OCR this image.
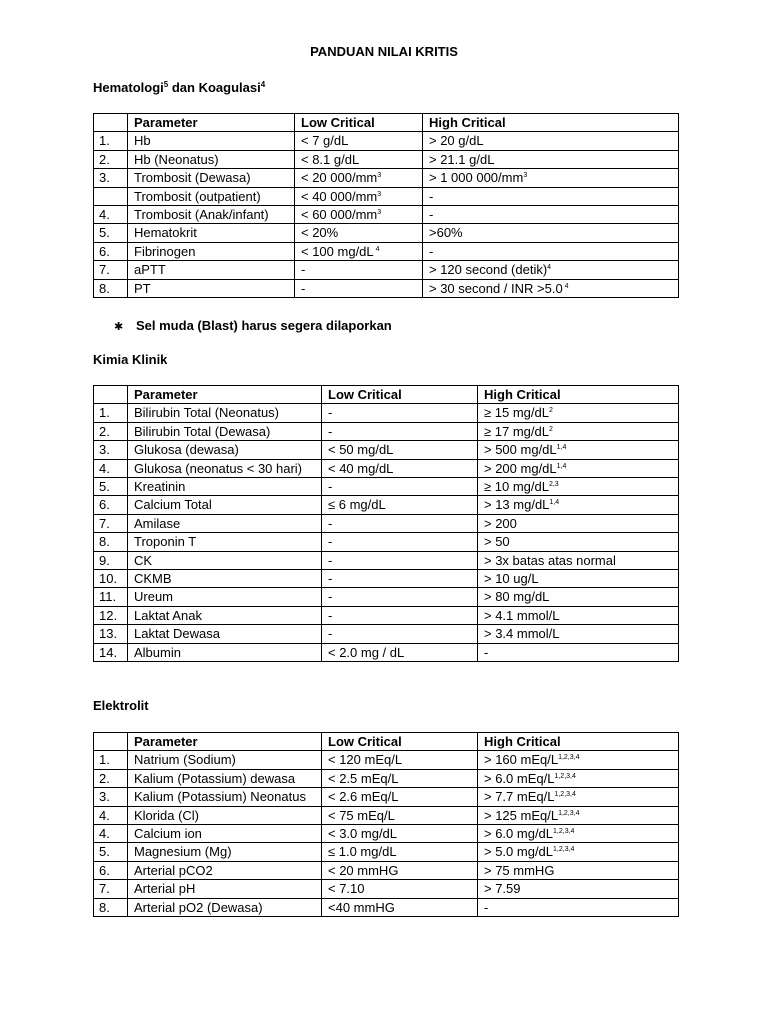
PANDUAN NILAI KRITIS
Hematologi$^5$ dan Koagulasi$^4$
	Parameter	Low Critical	High Critical
1.	Hb	< 7 g/dL	> 20 g/dL
2.	Hb (Neonatus)	< 8.1 g/dL	> 21.1 g/dL
3.	Trombosit (Dewasa)	< 20 $000/mm^3$	> 1 000 $000/mm^3$
	Trombosit (outpatient)	< 40 $000/mm^3$	-
4.	Trombosit (Anak/infant)	< 60 $000/mm^3$	-
5.	Hematokrit	< 20%	>60%
6.	Fibrinogen	< 100 mg/dL $^4$	-
7.	aPTT	-	> 120 second (detik)$^4$
8.	PT	-	> 30 second / INR >5.0 $^4$
✱ Sel muda (Blast) harus segera dilaporkan
Kimia Klinik
	Parameter	Low Critical	High Critical
1.	Bilirubin Total (Neonatus)	-	≥ 15 $mg/dL^2$
2.	Bilirubin Total (Dewasa)	-	≥ 17 $mg/dL^2$
3.	Glukosa (dewasa)	< 50 mg/dL	> 500 mg/dL$^{1,4}$
4.	Glukosa (neonatus < 30 hari)	< 40 mg/dL	> 200 mg/dL$^{1,4}$
5.	Kreatinin	-	≥ 10 mg/dL$^{2,3}$
6.	Calcium Total	≤ 6 mg/dL	> 13 mg/dL$^{1,4}$
7.	Amilase	-	> 200
8.	Troponin T	-	> 50
9.	CK	-	> 3x batas atas normal
10.	CKMB	-	> 10 ug/L
11.	Ureum	-	> 80 mg/dL
12.	Laktat Anak	-	> 4.1 mmol/L
13.	Laktat Dewasa	-	> 3.4 mmol/L
14.	Albumin	< 2.0 mg / dL	-
Elektrolit
	Parameter	Low Critical	High Critical
1.	Natrium (Sodium)	< 120 mEq/L	> 160 mEq/$L^{1,2,3,4}$
2.	Kalium (Potassium) dewasa	< 2.5 mEq/L	> 6.0 mEq/$L^{1,2,3,4}$
3.	Kalium (Potassium) Neonatus	< 2.6 mEq/L	> 7.7 mEq/$L^{1,2,3,4}$
4.	Klorida (Cl)	< 75 mEq/L	> 125 mEq/$L^{1,2,3,4}$
4.	Calcium ion	< 3.0 mg/dL	> 6.0 mg/dL$^{1,2,3,4}$
5.	Magnesium (Mg)	≤ 1.0 mg/dL	> 5.0 mg/dL$^{1,2,3,4}$
6.	Arterial pCO2	< 20 mmHG	> 75 mmHG
7.	Arterial pH	< 7.10	> 7.59
8.	Arterial pO2 (Dewasa)	<40 mmHG	-
